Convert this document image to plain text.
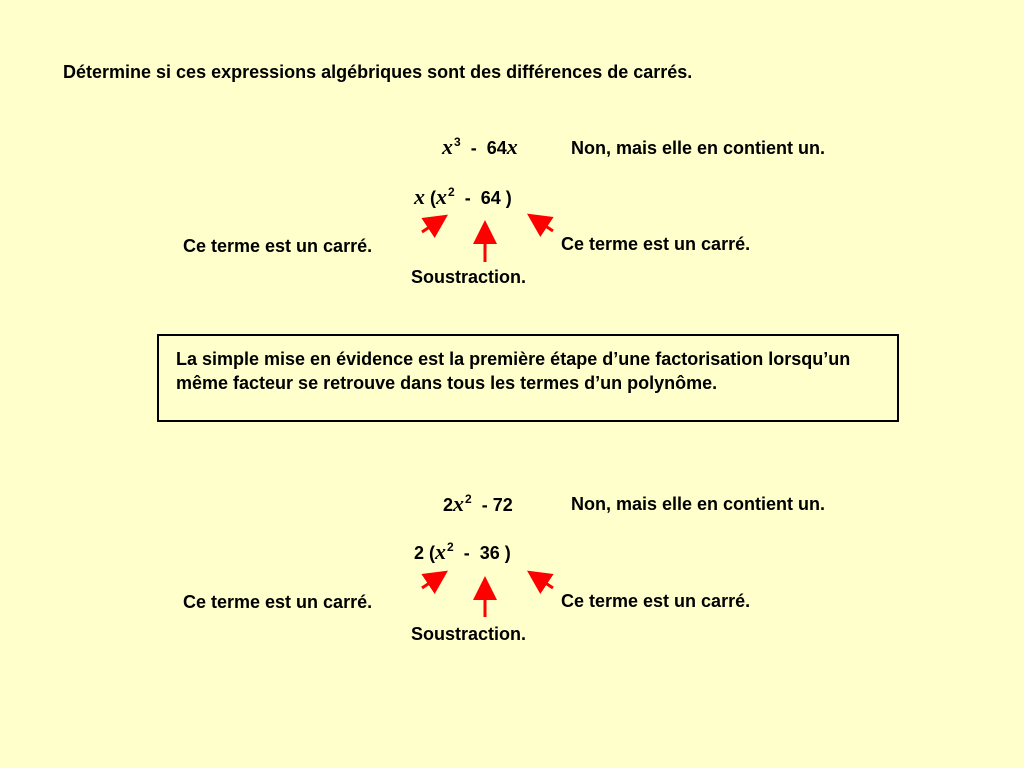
Détermine si ces expressions algébriques sont des différences de carrés.
$x^3 - 64x$	Non, mais elle en contient un.
x ($x^2 - 64$ )
Ce terme est un carré.	Ce terme est un carré.
Soustraction.
La simple mise en évidence est la première étape d’une factorisation lorsqu’un même facteur se retrouve dans tous les termes d’un polynôme.
$2x^2 - 72$	Non, mais elle en contient un.
2 ($x^2 - 36$ )
Ce terme est un carré.	Ce terme est un carré.
Soustraction.
